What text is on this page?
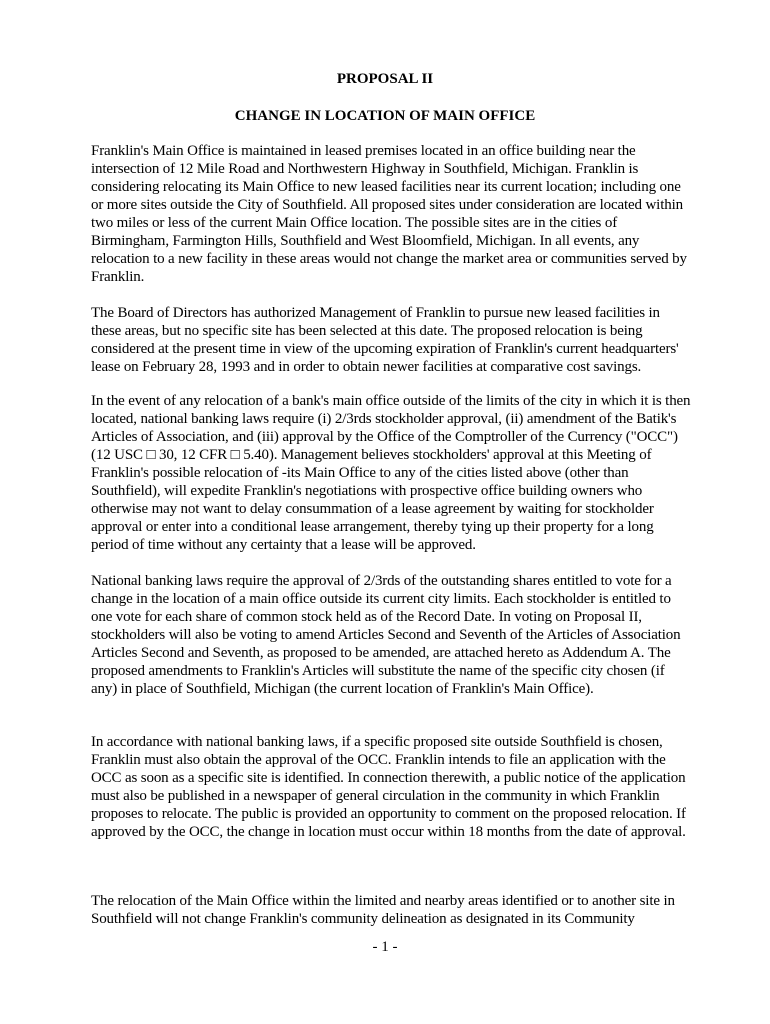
PROPOSAL II
CHANGE IN LOCATION OF MAIN OFFICE

Franklin's Main Office is maintained in leased premises located in an office building near the intersection of 12 Mile Road and Northwestern Highway in Southfield, Michigan. Franklin is considering relocating its Main Office to new leased facilities near its current location; including one or more sites outside the City of Southfield. All proposed sites under consideration are located within two miles or less of the current Main Office location. The possible sites are in the cities of Birmingham, Farmington Hills, Southfield and West Bloomfield, Michigan. In all events, any relocation to a new facility in these areas would not change the market area or communities served by Franklin.

The Board of Directors has authorized Management of Franklin to pursue new leased facilities in these areas, but no specific site has been selected at this date. The proposed relocation is being considered at the present time in view of the upcoming expiration of Franklin's current headquarters' lease on February 28, 1993 and in order to obtain newer facilities at comparative cost savings.

In the event of any relocation of a bank's main office outside of the limits of the city in which it is then located, national banking laws require (i) 2/3rds stockholder approval, (ii) amendment of the Batik's Articles of Association, and (iii) approval by the Office of the Comptroller of the Currency ("OCC") (12 USC □ 30, 12 CFR □ 5.40). Management believes stockholders' approval at this Meeting of Franklin's possible relocation of -its Main Office to any of the cities listed above (other than Southfield), will expedite Franklin's negotiations with prospective office building owners who otherwise may not want to delay consummation of a lease agreement by waiting for stockholder approval or enter into a conditional lease arrangement, thereby tying up their property for a long period of time without any certainty that a lease will be approved.

National banking laws require the approval of 2/3rds of the outstanding shares entitled to vote for a change in the location of a main office outside its current city limits. Each stockholder is entitled to one vote for each share of common stock held as of the Record Date. In voting on Proposal II, stockholders will also be voting to amend Articles Second and Seventh of the Articles of Association Articles Second and Seventh, as proposed to be amended, are attached hereto as Addendum A. The proposed amendments to Franklin's Articles will substitute the name of the specific city chosen (if any) in place of Southfield, Michigan (the current location of Franklin's Main Office).

In accordance with national banking laws, if a specific proposed site outside Southfield is chosen, Franklin must also obtain the approval of the OCC. Franklin intends to file an application with the OCC as soon as a specific site is identified. In connection therewith, a public notice of the application must also be published in a newspaper of general circulation in the community in which Franklin proposes to relocate. The public is provided an opportunity to comment on the proposed relocation. If approved by the OCC, the change in location must occur within 18 months from the date of approval.

The relocation of the Main Office within the limited and nearby areas identified or to another site in Southfield will not change Franklin's community delineation as designated in its Community

- 1 -
